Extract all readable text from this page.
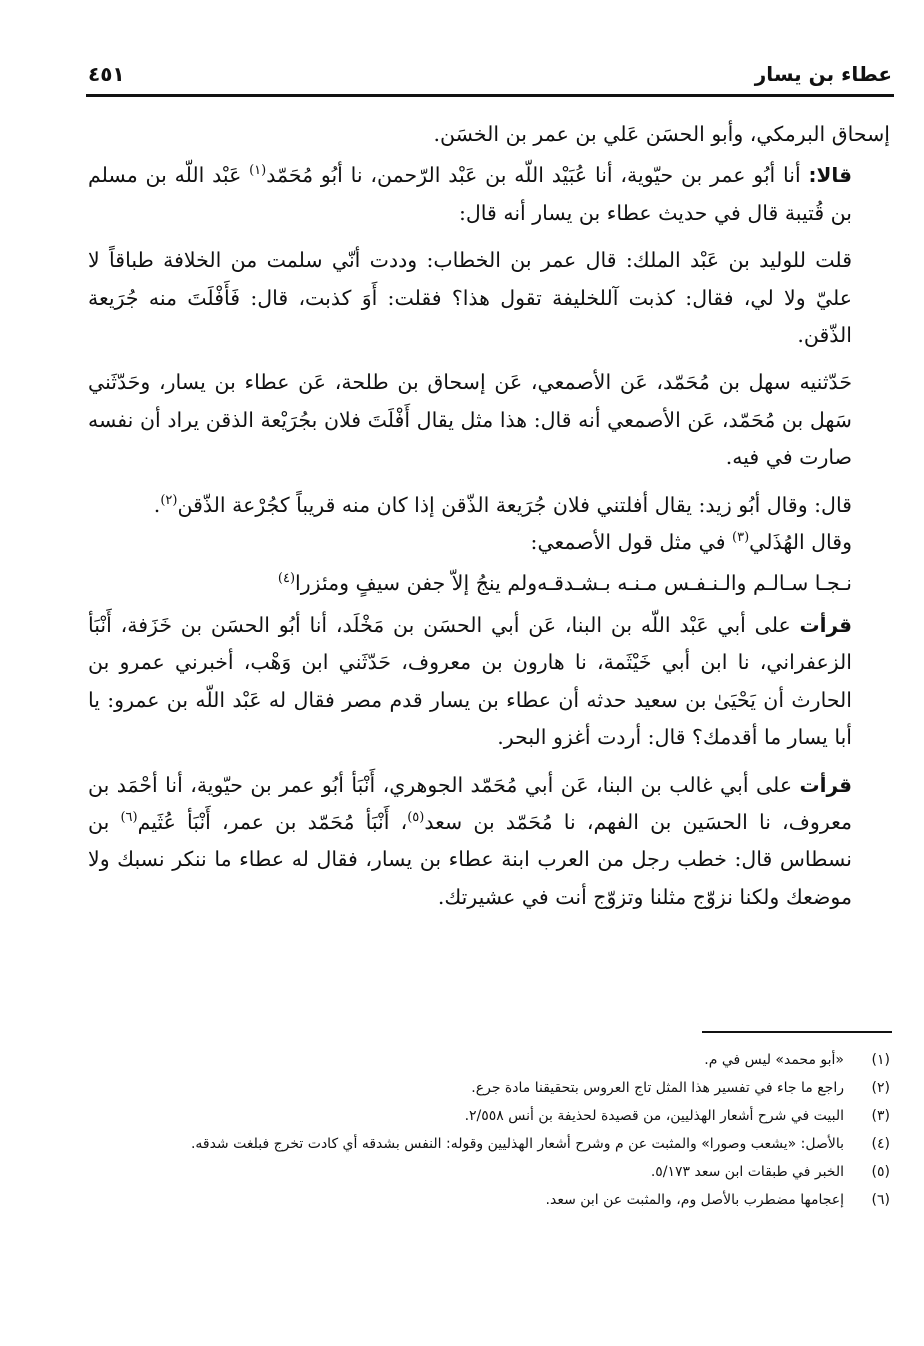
عطاء بن يسار
٤٥١

إسحاق البرمكي، وأبو الحسَن عَلي بن عمر بن الخسَن.

قالا: أنا أبُو عمر بن حيّوية، أنا عُبَيْد اللّه بن عَبْد الرّحمن، نا أبُو مُحَمّد$^{(١)}$ عَبْد اللّه بن مسلم بن قُتيبة قال في حديث عطاء بن يسار أنه قال:

قلت للوليد بن عَبْد الملك: قال عمر بن الخطاب: وددت أنّي سلمت من الخلافة طباقاً لا عليّ ولا لي، فقال: كذبت آللخليفة تقول هذا؟ فقلت: أَوَ كذبت، قال: فَأَفْلَتَ منه جُرَيعة الذّقن.

حَدّثنيه سهل بن مُحَمّد، عَن الأصمعي، عَن إسحاق بن طلحة، عَن عطاء بن يسار، وحَدّثَني سَهل بن مُحَمّد، عَن الأصمعي أنه قال: هذا مثل يقال أَفْلَتَ فلان بجُرَيْعة الذقن يراد أن نفسه صارت في فيه.

قال: وقال أبُو زيد: يقال أفلتني فلان جُرَيعة الذّقن إذا كان منه قريباً كجُرْعة الذّقن$^{(٢)}$.

وقال الهُذَلي$^{(٣)}$ في مثل قول الأصمعي:

نـجـا سـالـم والـنـفـس مـنـه بـشـدقـه
ولم ينجُ إلاّ جفن سيفٍ ومئزرا$^{(٤)}$

قرأت على أبي عَبْد اللّه بن البنا، عَن أبي الحسَن بن مَخْلَد، أنا أبُو الحسَن بن خَزَفة، أَنْبَأ الزعفراني، نا ابن أبي خَيْثَمة، نا هارون بن معروف، حَدّثَني ابن وَهْب، أخبرني عمرو بن الحارث أن يَحْيَىٰ بن سعيد حدثه أن عطاء بن يسار قدم مصر فقال له عَبْد اللّه بن عمرو: يا أبا يسار ما أقدمك؟ قال: أردت أغزو البحر.

قرأت على أبي غالب بن البنا، عَن أبي مُحَمّد الجوهري، أَنْبَأ أبُو عمر بن حيّوية، أنا أحْمَد بن معروف، نا الحسَين بن الفهم، نا مُحَمّد بن سعد$^{(٥)}$، أَنْبَأ مُحَمّد بن عمر، أَنْبَأ عُثَيم$^{(٦)}$ بن نسطاس قال: خطب رجل من العرب ابنة عطاء بن يسار، فقال له عطاء ما ننكر نسبك ولا موضعك ولكنا نزوّج مثلنا وتزوّج أنت في عشيرتك.

(١)
«أبو محمد» ليس في م.

(٢)
راجع ما جاء في تفسير هذا المثل تاج العروس بتحقيقنا مادة جرع.

(٣)
البيت في شرح أشعار الهذليين، من قصيدة لحذيفة بن أنس ٢/٥٥٨.

(٤)
بالأصل: «يشعب وصورا» والمثبت عن م وشرح أشعار الهذليين وقوله: النفس بشدقه أي كادت تخرج فبلغت شدقه.

(٥)
الخبر في طبقات ابن سعد ٥/١٧٣.

(٦)
إعجامها مضطرب بالأصل وم، والمثبت عن ابن سعد.
